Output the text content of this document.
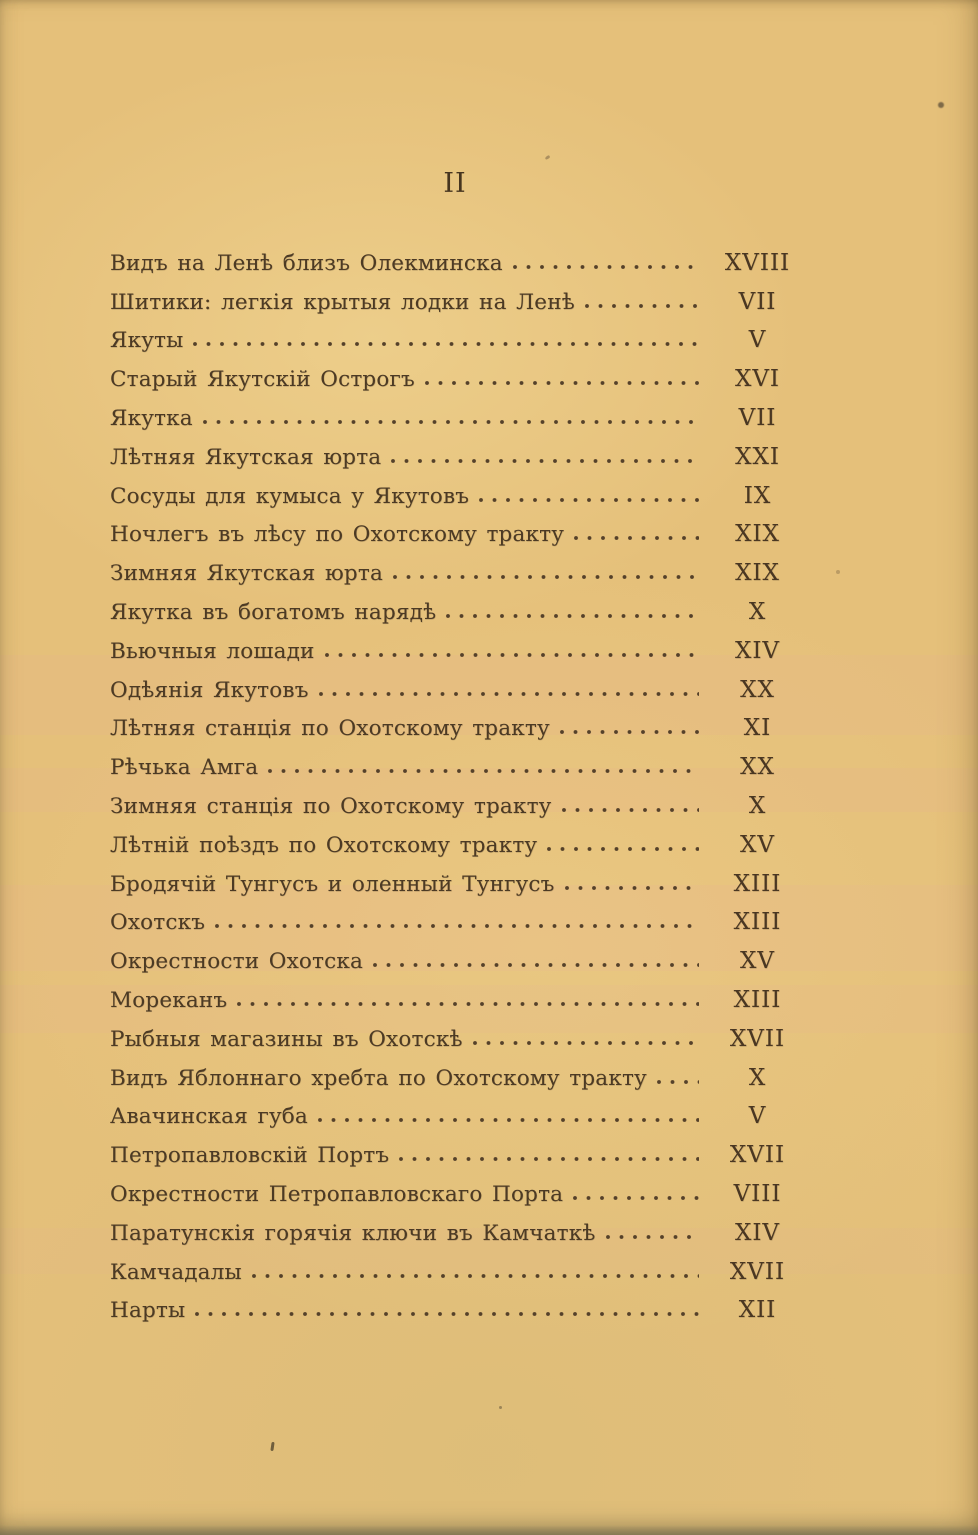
II
Видъ на Ленѣ близъ Олекминска	XVIII
Шитики: легкія крытыя лодки на Ленѣ	VII
Якуты	V
Старый Якутскій Острогъ	XVI
Якутка	VII
Лѣтняя Якутская юрта	XXI
Сосуды для кумыса у Якутовъ	IX
Ночлегъ въ лѣсу по Охотскому тракту	XIX
Зимняя Якутская юрта	XIX
Якутка въ богатомъ нарядѣ	X
Вьючныя лошади	XIV
Одѣянія Якутовъ	XX
Лѣтняя станція по Охотскому тракту	XI
Рѣчька Амга	XX
Зимняя станція по Охотскому тракту	X
Лѣтній поѣздъ по Охотскому тракту	XV
Бродячій Тунгусъ и оленный Тунгусъ	XIII
Охотскъ	XIII
Окрестности Охотска	XV
Мореканъ	XIII
Рыбныя магазины въ Охотскѣ	XVII
Видъ Яблоннаго хребта по Охотскому тракту	X
Авачинская губа	V
Петропавловскій Портъ	XVII
Окрестности Петропавловскаго Порта	VIII
Паратунскія горячія ключи въ Камчаткѣ	XIV
Камчадалы	XVII
Нарты	XII
